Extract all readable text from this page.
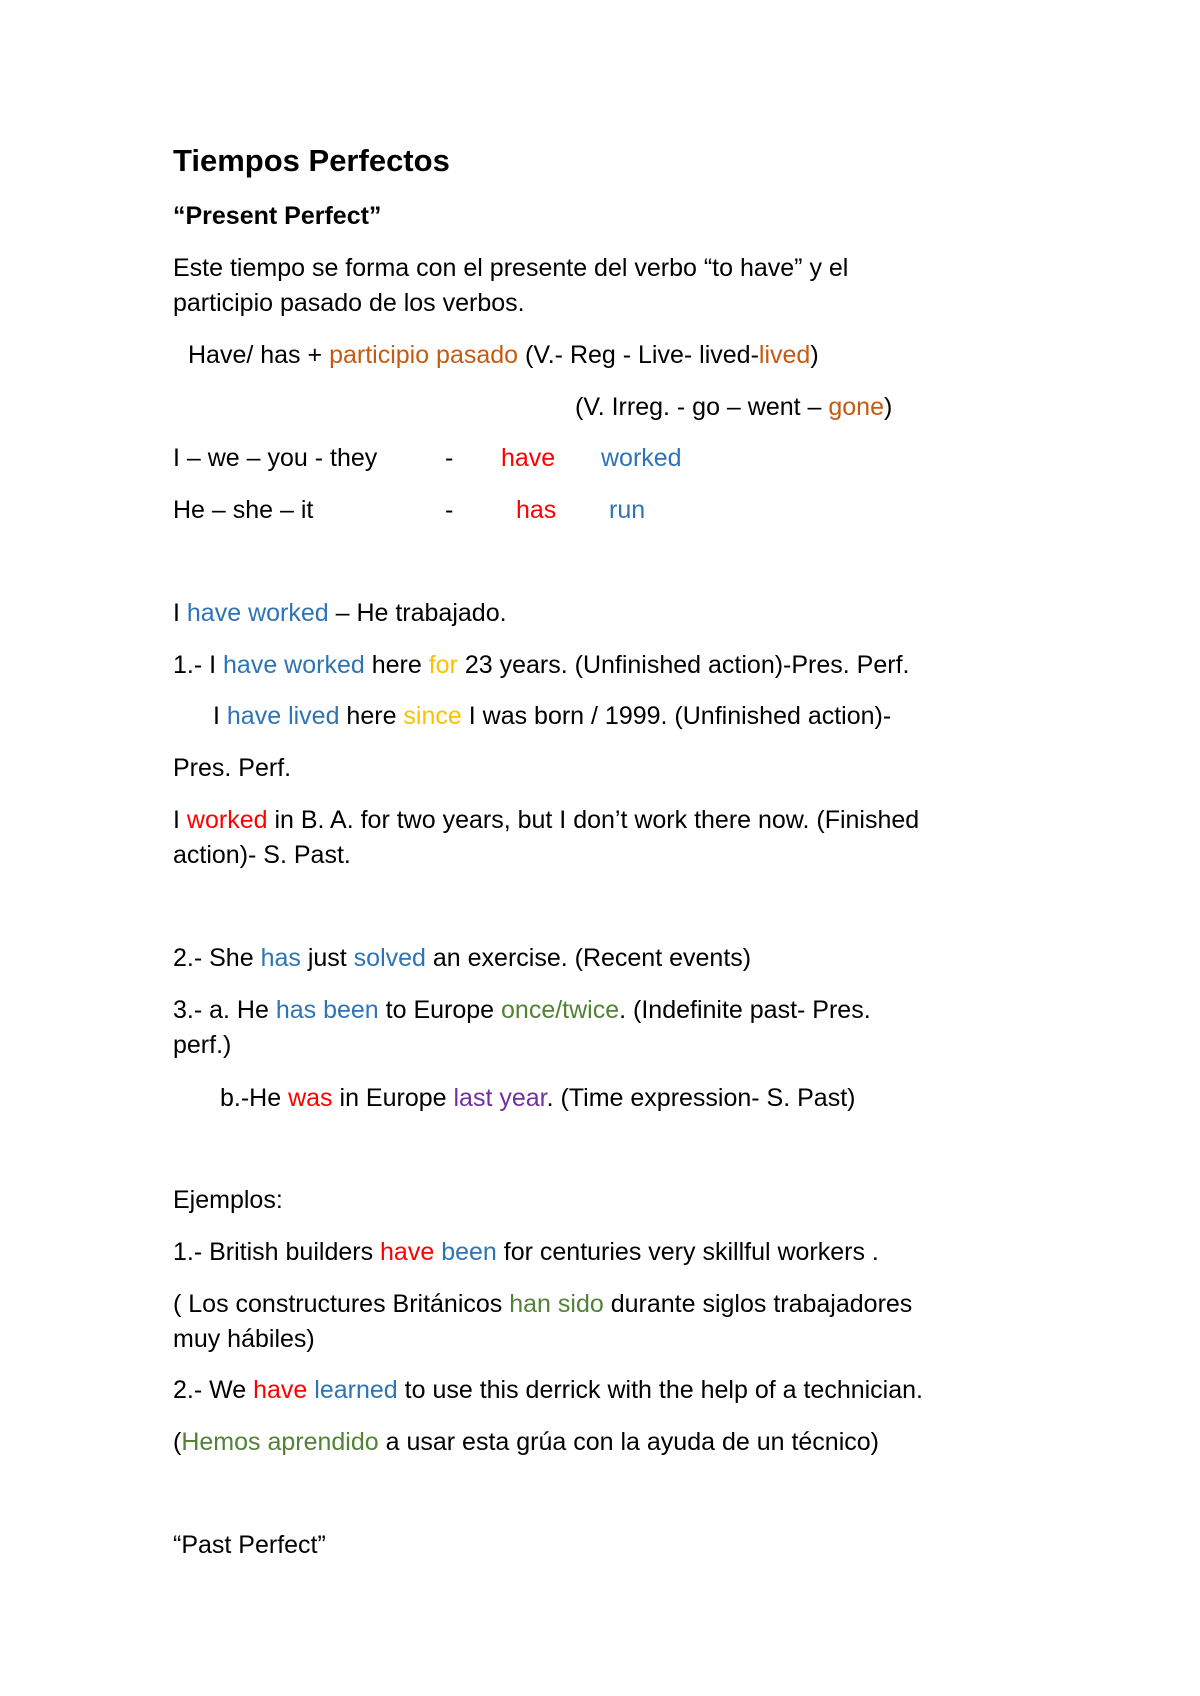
Tiempos Perfectos

“Present Perfect”

Este tiempo se forma con el presente del verbo “to have” y el

participio pasado de los verbos.

Have/ has + participio pasado (V.- Reg - Live- lived-lived)

(V. Irreg. - go – went – gone)

I – we – you - they	- have worked
He – she – it	-	has run

I have worked – He trabajado.

1.- I have worked here for 23 years. (Unfinished action)-Pres. Perf.

I have lived here since I was born / 1999. (Unfinished action)-

Pres. Perf.

I worked in B. A. for two years, but I don’t work there now. (Finished

action)- S. Past.

2.- She has just solved an exercise. (Recent events)

3.- a. He has been to Europe once/twice. (Indefinite past- Pres.

perf.)

b.-He was in Europe last year. (Time expression- S. Past)

Ejemplos:

1.- British builders have been for centuries very skillful workers .

( Los constructures Británicos han sido durante siglos trabajadores

muy hábiles)

2.- We have learned to use this derrick with the help of a technician.

(Hemos aprendido a usar esta grúa con la ayuda de un técnico)

“Past Perfect”
